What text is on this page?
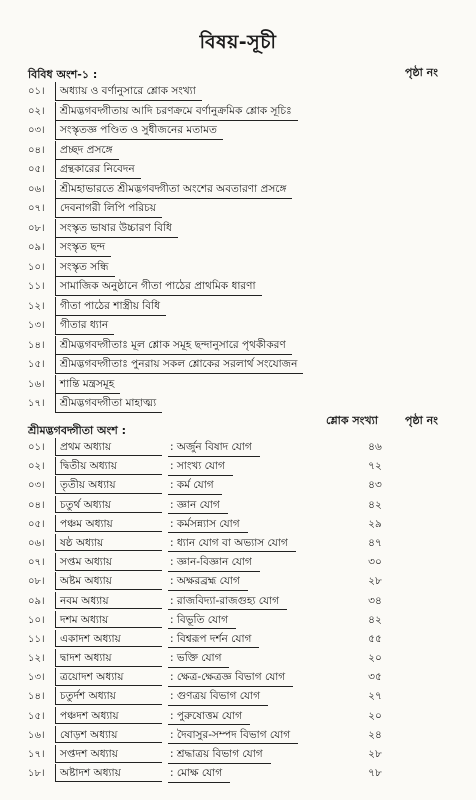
বিষয়-সূচী
বিবিধ অংশ-১ :	পৃষ্ঠা নং
০১।	অধ্যায় ও বর্ণানুসারে শ্লোক সংখ্যা
০২।	শ্রীমদ্ভগবদ্গীতায় আদি চরণক্রমে বর্ণানুক্রমিক শ্লোক সূচিঃ
০৩।	সংস্কৃতজ্ঞ পণ্ডিত ও সুধীজনের মতামত
০৪।	প্রচ্ছদ প্রসঙ্গে
০৫।	গ্রন্থকারের নিবেদন
০৬।	শ্রীমহাভারতে শ্রীমদ্ভগবদ্গীতা অংশের অবতারণা প্রসঙ্গে
০৭।	দেবনাগরী লিপি পরিচয়
০৮।	সংস্কৃত ভাষার উচ্চারণ বিধি
০৯।	সংস্কৃত ছন্দ
১০।	সংস্কৃত সন্ধি
১১।	সামাজিক অনুষ্ঠানে গীতা পাঠের প্রাথমিক ধারণা
১২।	গীতা পাঠের শাস্ত্রীয় বিধি
১৩।	গীতার ধ্যান
১৪।	শ্রীমদ্ভগবদ্গীতাঃ মূল শ্লোক সমূহ ছন্দানুসারে পৃথকীকরণ
১৫।	শ্রীমদ্ভগবদ্গীতাঃ পুনরায় সকল শ্লোকের সরলার্থ সংযোজন
১৬।	শান্তি মন্ত্রসমূহ
১৭।	শ্রীমদ্ভগবদ্গীতা মাহাত্ম্য
শ্রীমদ্ভগবদ্গীতা অংশ :
শ্লোক সংখ্যা পৃষ্ঠা নং
০১।	প্রথম অধ্যায়	: অর্জুন বিষাদ যোগ	৪৬
০২।	দ্বিতীয় অধ্যায়	: সাংখ্য যোগ	৭২
০৩।	তৃতীয় অধ্যায়	: কর্ম যোগ	৪৩
০৪।	চতুর্থ অধ্যায়	: জ্ঞান যোগ	৪২
০৫।	পঞ্চম অধ্যায়	: কর্মসন্ন্যাস যোগ	২৯
০৬।	ষষ্ঠ অধ্যায়	: ধ্যান যোগ বা অভ্যাস যোগ	৪৭
০৭।	সপ্তম অধ্যায়	: জ্ঞান-বিজ্ঞান যোগ	৩০
০৮।	অষ্টম অধ্যায়	: অক্ষরব্রহ্ম যোগ	২৮
০৯।	নবম অধ্যায়	: রাজবিদ্যা-রাজগুহ্য যোগ	৩৪
১০।	দশম অধ্যায়	: বিভূতি যোগ	৪২
১১।	একাদশ অধ্যায়	: বিশ্বরূপ দর্শন যোগ	৫৫
১২।	দ্বাদশ অধ্যায়	: ভক্তি যোগ	২০
১৩।	ত্রয়োদশ অধ্যায়	: ক্ষেত্র-ক্ষেত্রজ্ঞ বিভাগ যোগ	৩৫
১৪।	চতুর্দশ অধ্যায়	: গুণত্রয় বিভাগ যোগ	২৭
১৫।	পঞ্চদশ অধ্যায়	: পুরুষোত্তম যোগ	২০
১৬।	ষোড়শ অধ্যায়	: দৈবাসুর-সম্পদ বিভাগ যোগ	২৪
১৭।	সপ্তদশ অধ্যায়	: শ্রদ্ধাত্রয় বিভাগ যোগ	২৮
১৮।	অষ্টাদশ অধ্যায়	: মোক্ষ যোগ	৭৮
